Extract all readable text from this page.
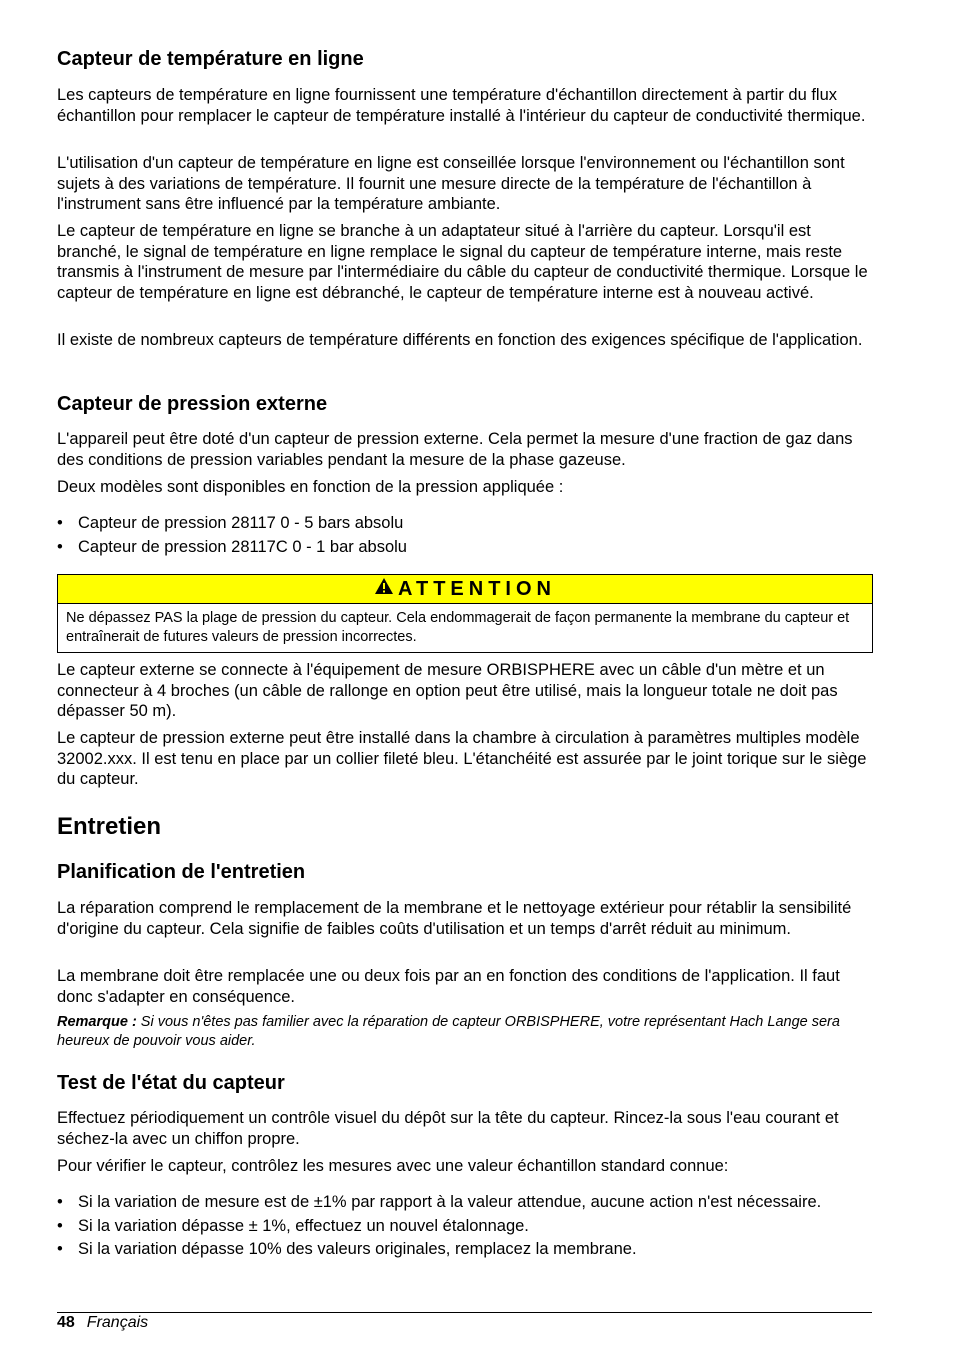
Capteur de température en ligne

Les capteurs de température en ligne fournissent une température d'échantillon directement à partir du flux échantillon pour remplacer le capteur de température installé à l'intérieur du capteur de conductivité thermique.

L'utilisation d'un capteur de température en ligne est conseillée lorsque l'environnement ou l'échantillon sont sujets à des variations de température. Il fournit une mesure directe de la température de l'échantillon à l'instrument sans être influencé par la température ambiante.

Le capteur de température en ligne se branche à un adaptateur situé à l'arrière du capteur. Lorsqu'il est branché, le signal de température en ligne remplace le signal du capteur de température interne, mais reste transmis à l'instrument de mesure par l'intermédiaire du câble du capteur de conductivité thermique. Lorsque le capteur de température en ligne est débranché, le capteur de température interne est à nouveau activé.

Il existe de nombreux capteurs de température différents en fonction des exigences spécifique de l'application.

Capteur de pression externe

L'appareil peut être doté d'un capteur de pression externe. Cela permet la mesure d'une fraction de gaz dans des conditions de pression variables pendant la mesure de la phase gazeuse.

Deux modèles sont disponibles en fonction de la pression appliquée :

• Capteur de pression 28117 0 - 5 bars absolu
• Capteur de pression 28117C 0 - 1 bar absolu
ATTENTION
Ne dépassez PAS la plage de pression du capteur. Cela endommagerait de façon permanente la membrane du capteur et entraînerait de futures valeurs de pression incorrectes.

Le capteur externe se connecte à l'équipement de mesure ORBISPHERE avec un câble d'un mètre et un connecteur à 4 broches (un câble de rallonge en option peut être utilisé, mais la longueur totale ne doit pas dépasser 50 m).

Le capteur de pression externe peut être installé dans la chambre à circulation à paramètres multiples modèle 32002.xxx. Il est tenu en place par un collier fileté bleu. L'étanchéité est assurée par le joint torique sur le siège du capteur.

Entretien
Planification de l'entretien

La réparation comprend le remplacement de la membrane et le nettoyage extérieur pour rétablir la sensibilité d'origine du capteur. Cela signifie de faibles coûts d'utilisation et un temps d'arrêt réduit au minimum.

La membrane doit être remplacée une ou deux fois par an en fonction des conditions de l'application. Il faut donc s'adapter en conséquence.

Remarque : Si vous n'êtes pas familier avec la réparation de capteur ORBISPHERE, votre représentant Hach Lange sera heureux de pouvoir vous aider.

Test de l'état du capteur

Effectuez périodiquement un contrôle visuel du dépôt sur la tête du capteur. Rincez-la sous l'eau courant et séchez-la avec un chiffon propre.

Pour vérifier le capteur, contrôlez les mesures avec une valeur échantillon standard connue:

• Si la variation de mesure est de ±1% par rapport à la valeur attendue, aucune action n'est nécessaire.
• Si la variation dépasse ± 1%, effectuez un nouvel étalonnage.
• Si la variation dépasse 10% des valeurs originales, remplacez la membrane.
48 Français
